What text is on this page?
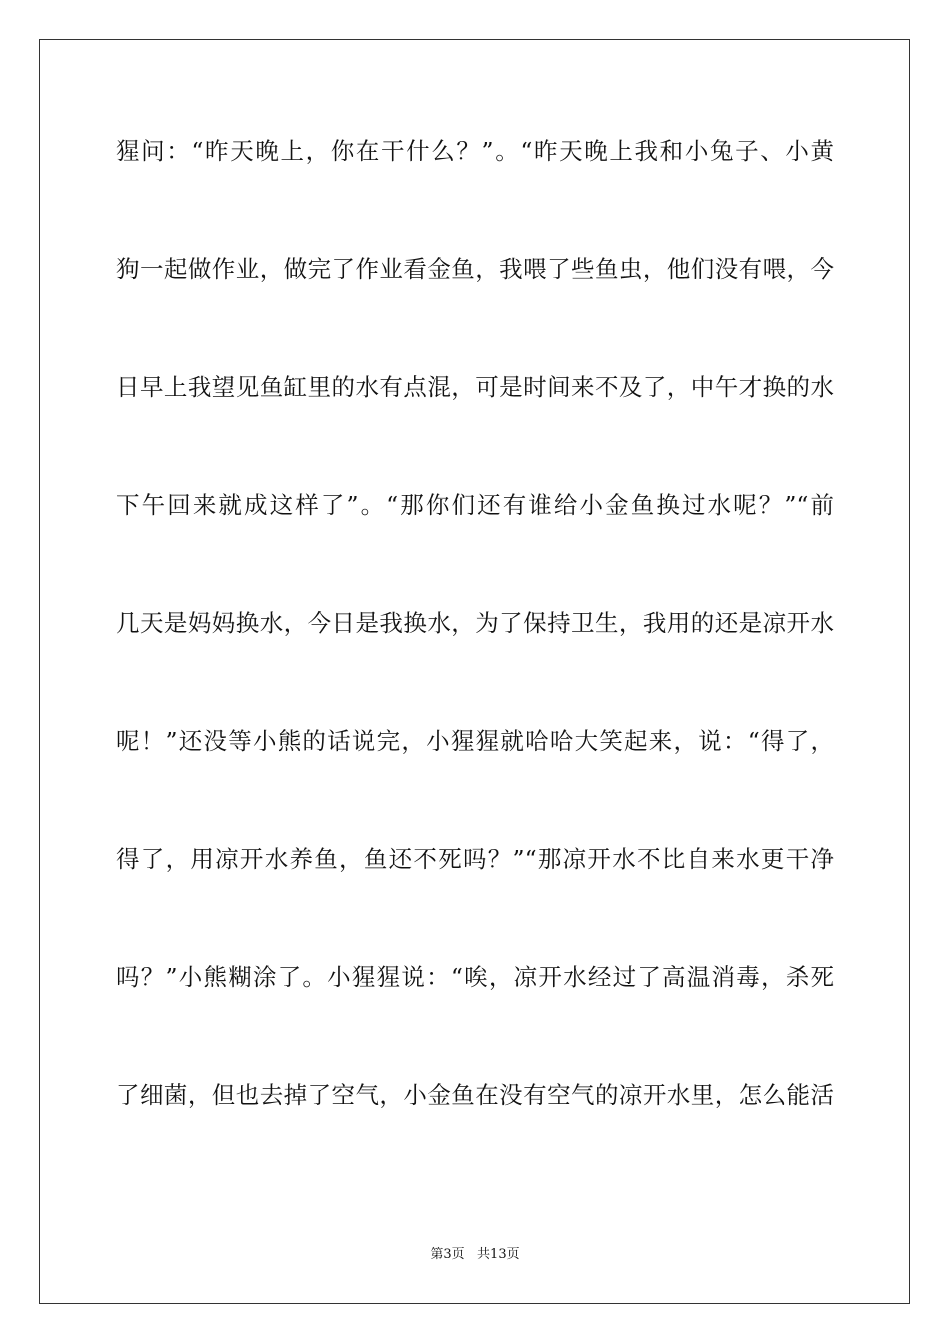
猩问：“昨天晚上，你在干什么？”。“昨天晚上我和小兔子、小黄
狗一起做作业，做完了作业看金鱼，我喂了些鱼虫，他们没有喂，今
日早上我望见鱼缸里的水有点混，可是时间来不及了，中午才换的水
下午回来就成这样了”。“那你们还有谁给小金鱼换过水呢？”“前
几天是妈妈换水，今日是我换水，为了保持卫生，我用的还是凉开水
呢！”还没等小熊的话说完，小猩猩就哈哈大笑起来，说：“得了，
得了，用凉开水养鱼，鱼还不死吗？”“那凉开水不比自来水更干净
吗？”小熊糊涂了。小猩猩说：“唉，凉开水经过了高温消毒，杀死
了细菌，但也去掉了空气，小金鱼在没有空气的凉开水里，怎么能活
第3页   共13页
